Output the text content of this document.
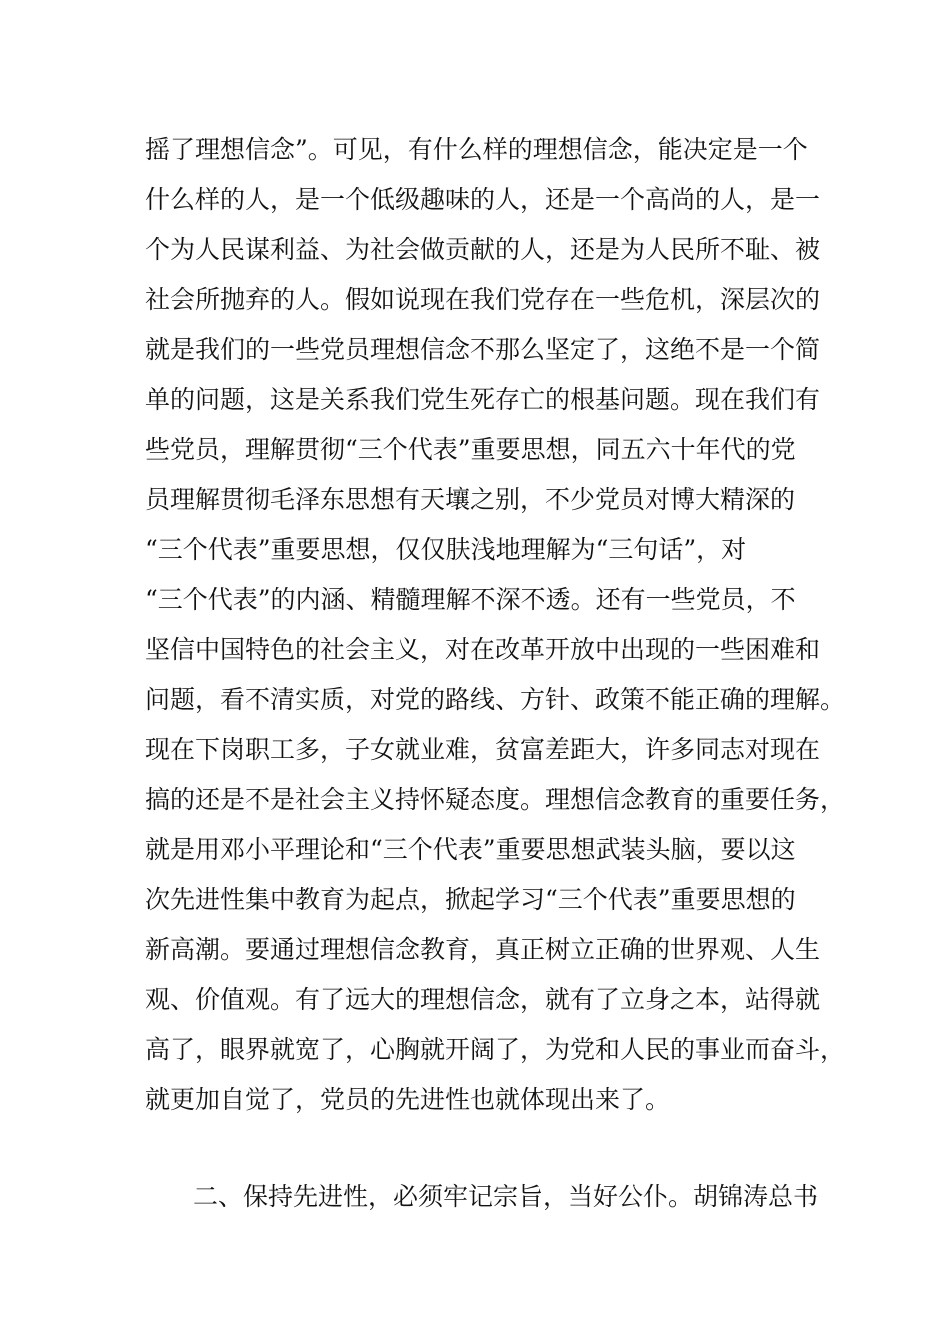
摇了理想信念”。可见，有什么样的理想信念，能决定是一个
什么样的人，是一个低级趣味的人，还是一个高尚的人，是一
个为人民谋利益、为社会做贡献的人，还是为人民所不耻、被
社会所抛弃的人。假如说现在我们党存在一些危机，深层次的
就是我们的一些党员理想信念不那么坚定了，这绝不是一个简
单的问题，这是关系我们党生死存亡的根基问题。现在我们有
些党员，理解贯彻“三个代表”重要思想，同五六十年代的党
员理解贯彻毛泽东思想有天壤之别，不少党员对博大精深的
“三个代表”重要思想，仅仅肤浅地理解为“三句话”，对
“三个代表”的内涵、精髓理解不深不透。还有一些党员，不
坚信中国特色的社会主义，对在改革开放中出现的一些困难和
问题，看不清实质，对党的路线、方针、政策不能正确的理解。
现在下岗职工多，子女就业难，贫富差距大，许多同志对现在
搞的还是不是社会主义持怀疑态度。理想信念教育的重要任务，
就是用邓小平理论和“三个代表”重要思想武装头脑，要以这
次先进性集中教育为起点，掀起学习“三个代表”重要思想的
新高潮。要通过理想信念教育，真正树立正确的世界观、人生
观、价值观。有了远大的理想信念，就有了立身之本，站得就
高了，眼界就宽了，心胸就开阔了，为党和人民的事业而奋斗，
就更加自觉了，党员的先进性也就体现出来了。
二、保持先进性，必须牢记宗旨，当好公仆。胡锦涛总书
